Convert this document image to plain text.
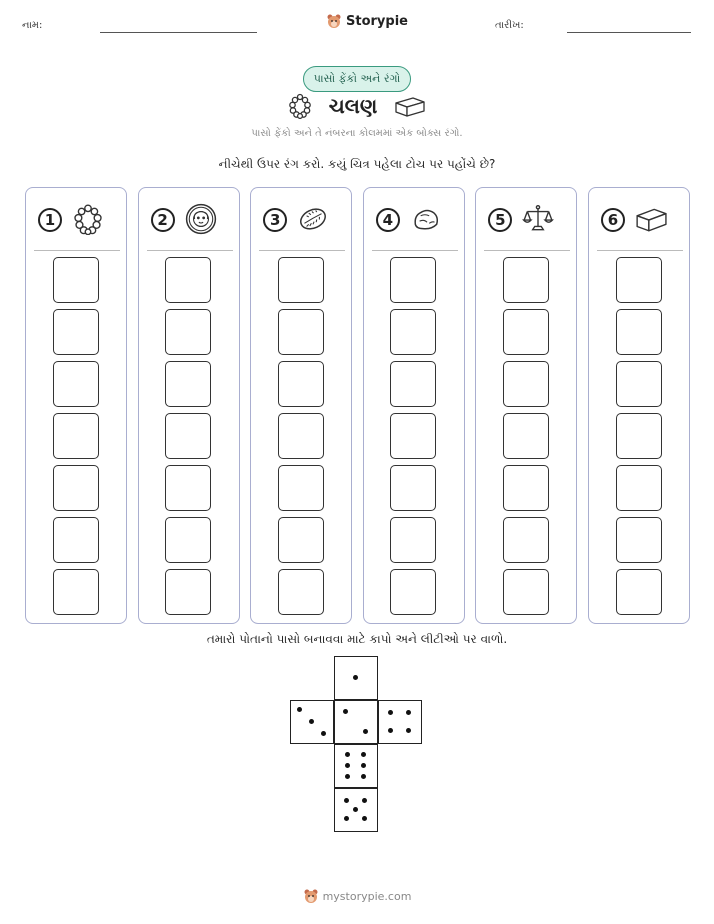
નામ:	Storypie	તારીખ:
પાસો ફેંકો અને રંગો
ચલણ
પાસો ફેંકો અને તે નંબરના કોલમમાં એક બોક્સ રંગો.
નીચેથી ઉપર રંગ કરો. કયું ચિત્ર પહેલા ટોચ પર પહોંચે છે?
1	2	3	4	5	6
તમારો પોતાનો પાસો બનાવવા માટે કાપો અને લીટીઓ પર વાળો.
mystorypie.com
